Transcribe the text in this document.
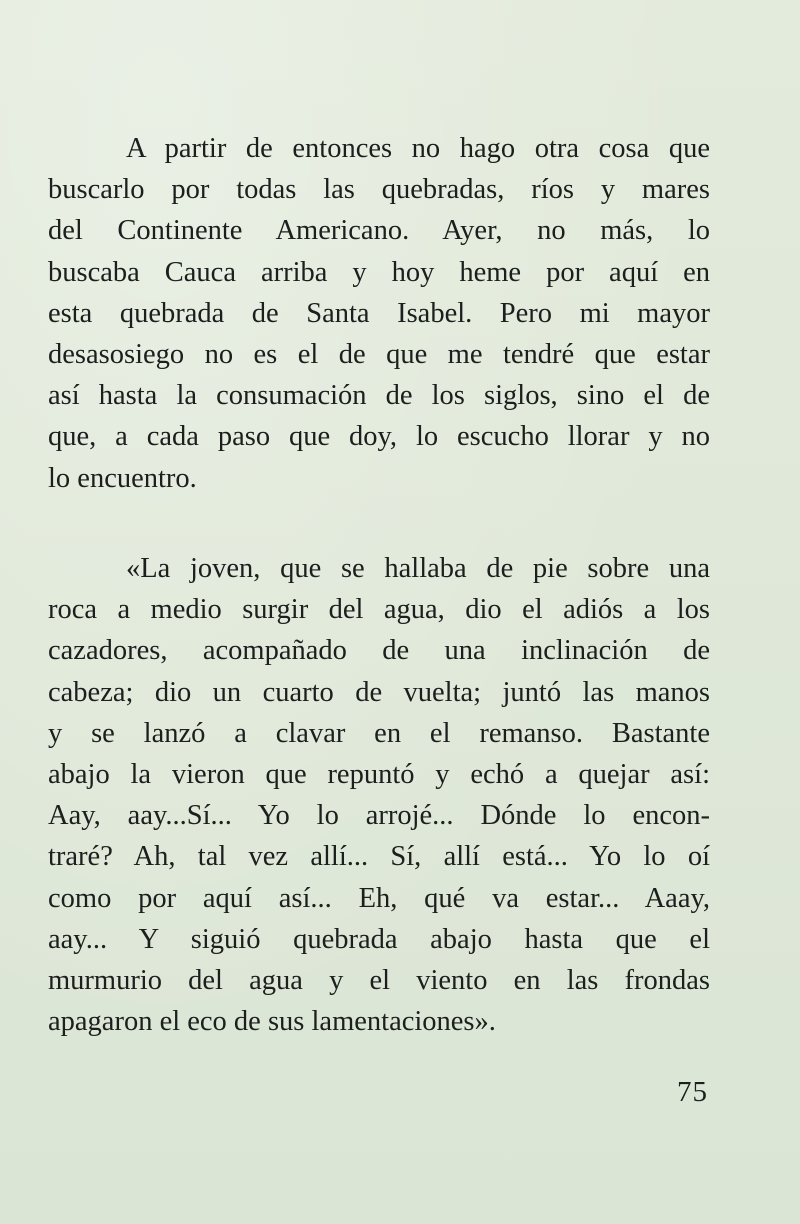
A partir de entonces no hago otra cosa que
buscarlo por todas las quebradas, ríos y mares
del Continente Americano. Ayer, no más, lo
buscaba Cauca arriba y hoy heme por aquí en
esta quebrada de Santa Isabel. Pero mi mayor
desasosiego no es el de que me tendré que estar
así hasta la consumación de los siglos, sino el de
que, a cada paso que doy, lo escucho llorar y no
lo encuentro.
«La joven, que se hallaba de pie sobre una
roca a medio surgir del agua, dio el adiós a los
cazadores, acompañado de una inclinación de
cabeza; dio un cuarto de vuelta; juntó las manos
y se lanzó a clavar en el remanso. Bastante
abajo la vieron que repuntó y echó a quejar así:
Aay, aay...Sí... Yo lo arrojé... Dónde lo encon-
traré? Ah, tal vez allí... Sí, allí está... Yo lo oí
como por aquí así... Eh, qué va estar... Aaay,
aay... Y siguió quebrada abajo hasta que el
murmurio del agua y el viento en las frondas
apagaron el eco de sus lamentaciones».
75
